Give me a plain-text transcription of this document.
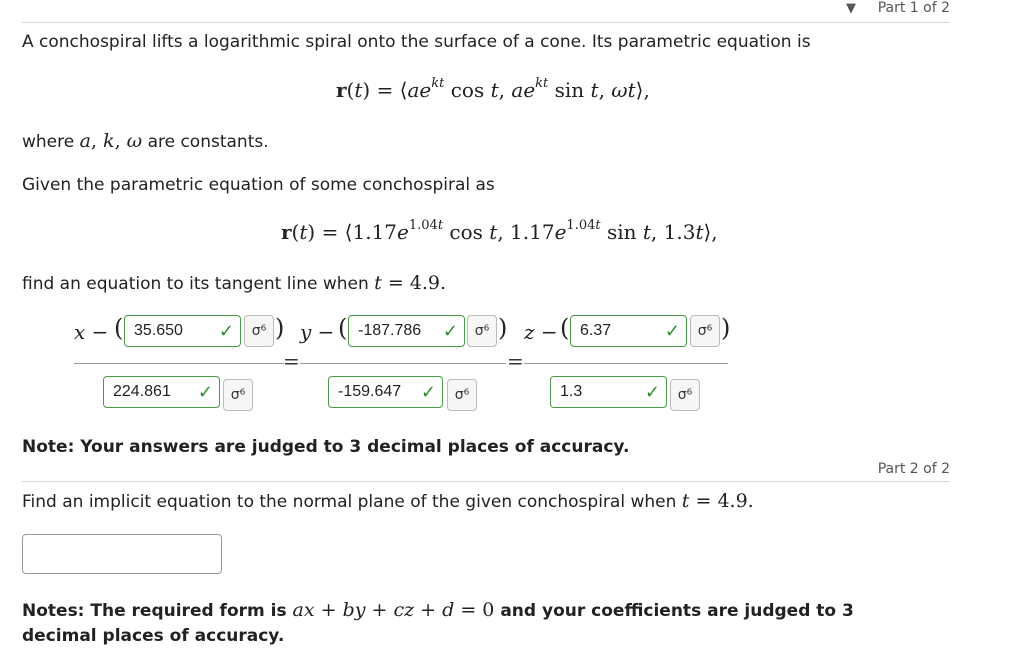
▼ Part 1 of 2
A conchospiral lifts a logarithmic spiral onto the surface of a cone. Its parametric equation is
$r(t) = ⟨ae^{kt}$ cos t, $ae^{kt}$ sin t, ωt⟩,
where a, k, ω are constants.
Given the parametric equation of some conchospiral as
$r(t) = ⟨1.17e^{1.04t}$ cos t, $1.17e^{1.04t}$ sin t, 1.3t⟩,
find an equation to its tangent line when t = 4.9.
x − ( 35.650 ✓	σ⁶ )
224.861 ✓	σ⁶
=
y − ( -187.786 ✓	σ⁶ )
-159.647 ✓	σ⁶
=
z − ( 6.37	✓	σ⁶ )
1.3	✓	σ⁶
Note: Your answers are judged to 3 decimal places of accuracy.
Part 2 of 2
Find an implicit equation to the normal plane of the given conchospiral when t = 4.9.
Notes: The required form is ax + by + cz + d = 0 and your coefficients are judged to 3 decimal places of accuracy.
